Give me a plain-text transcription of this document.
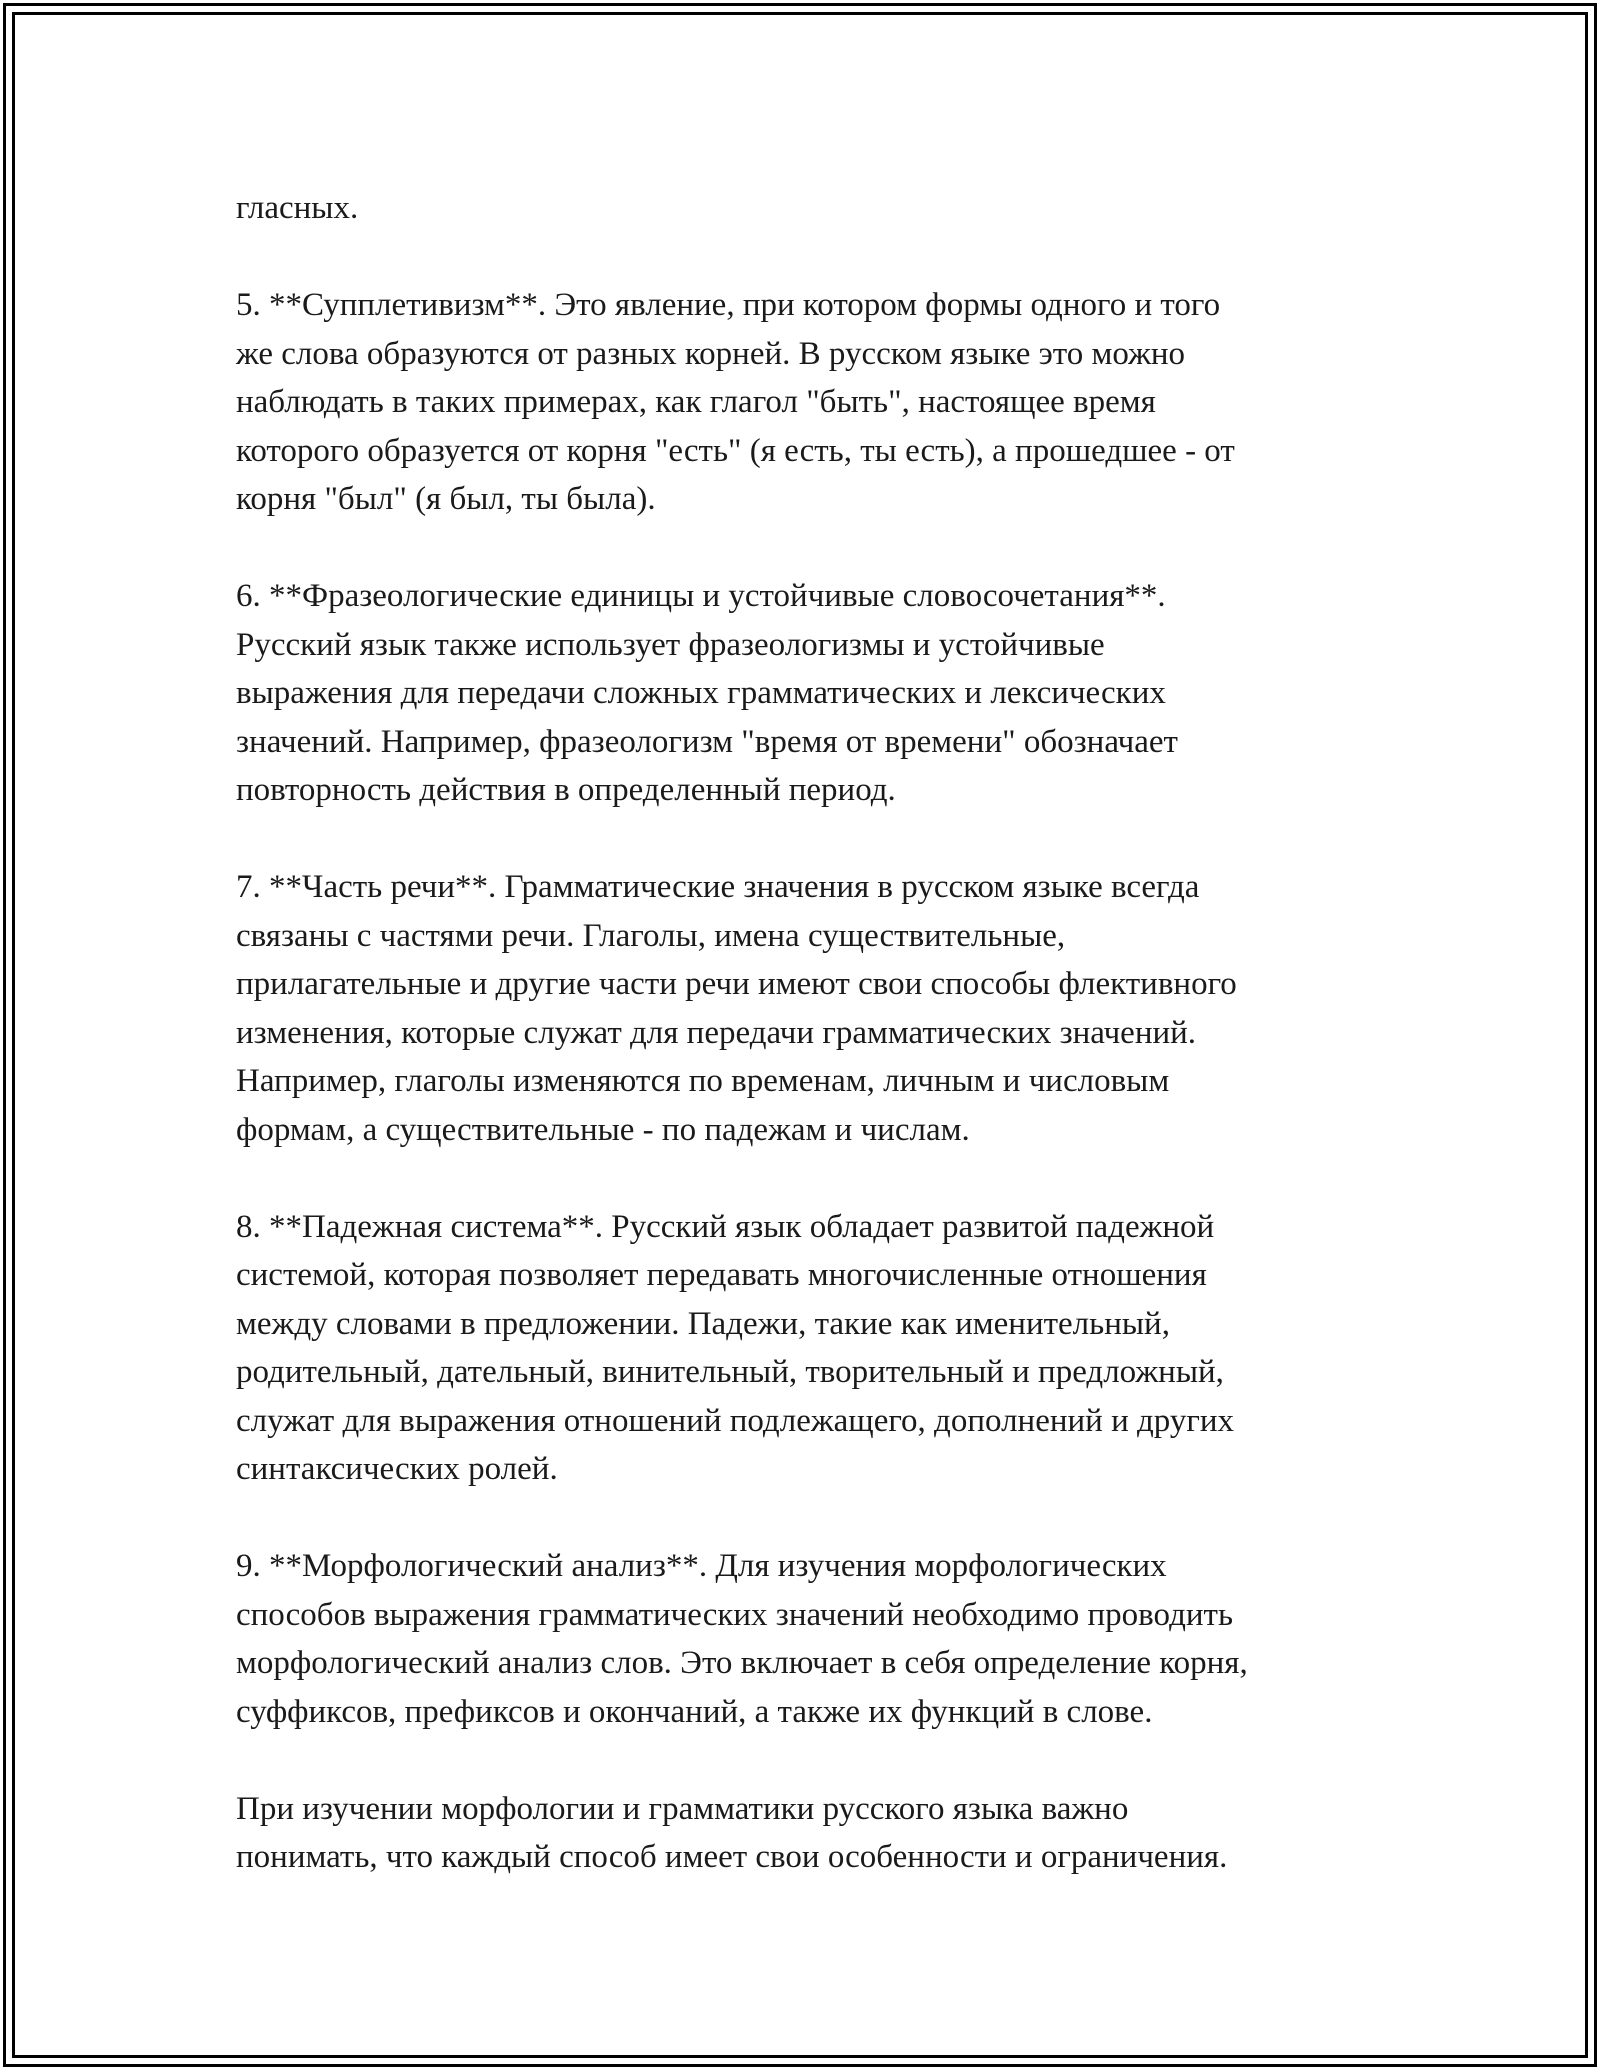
гласных.

5. **Супплетивизм**. Это явление, при котором формы одного и того
же слова образуются от разных корней. В русском языке это можно
наблюдать в таких примерах, как глагол "быть", настоящее время
которого образуется от корня "есть" (я есть, ты есть), а прошедшее - от
корня "был" (я был, ты была).

6. **Фразеологические единицы и устойчивые словосочетания**.
Русский язык также использует фразеологизмы и устойчивые
выражения для передачи сложных грамматических и лексических
значений. Например, фразеологизм "время от времени" обозначает
повторность действия в определенный период.

7. **Часть речи**. Грамматические значения в русском языке всегда
связаны с частями речи. Глаголы, имена существительные,
прилагательные и другие части речи имеют свои способы флективного
изменения, которые служат для передачи грамматических значений.
Например, глаголы изменяются по временам, личным и числовым
формам, а существительные - по падежам и числам.

8. **Падежная система**. Русский язык обладает развитой падежной
системой, которая позволяет передавать многочисленные отношения
между словами в предложении. Падежи, такие как именительный,
родительный, дательный, винительный, творительный и предложный,
служат для выражения отношений подлежащего, дополнений и других
синтаксических ролей.

9. **Морфологический анализ**. Для изучения морфологических
способов выражения грамматических значений необходимо проводить
морфологический анализ слов. Это включает в себя определение корня,
суффиксов, префиксов и окончаний, а также их функций в слове.

При изучении морфологии и грамматики русского языка важно
понимать, что каждый способ имеет свои особенности и ограничения.
